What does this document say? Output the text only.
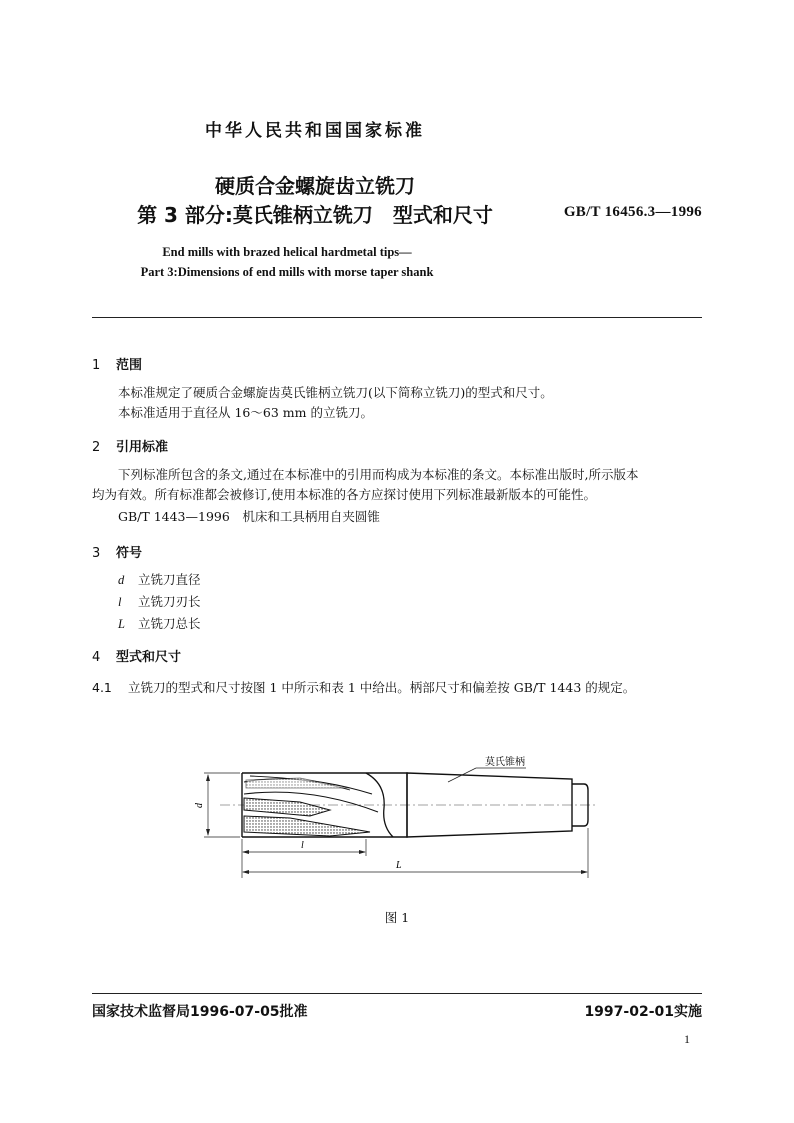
中华人民共和国国家标准
硬质合金螺旋齿立铣刀
第 3 部分:莫氏锥柄立铣刀　型式和尺寸	GB/T 16456.3—1996
End mills with brazed helical hardmetal tips—
Part 3:Dimensions of end mills with morse taper shank
1 范围
本标准规定了硬质合金螺旋齿莫氏锥柄立铣刀(以下简称立铣刀)的型式和尺寸。
本标准适用于直径从 16～63 mm 的立铣刀。
2 引用标准
下列标准所包含的条文,通过在本标准中的引用而构成为本标准的条文。本标准出版时,所示版本
均为有效。所有标准都会被修订,使用本标准的各方应探讨使用下列标准最新版本的可能性。
GB/T 1443—1996　机床和工具柄用自夹圆锥
3 符号
d 立铣刀直径
l 立铣刀刃长
L 立铣刀总长
4 型式和尺寸
4.1 立铣刀的型式和尺寸按图 1 中所示和表 1 中给出。柄部尺寸和偏差按 GB/T 1443 的规定。
d
l
L
莫氏锥柄
图 1
国家技术监督局1996-07-05批准	1997-02-01实施
1
